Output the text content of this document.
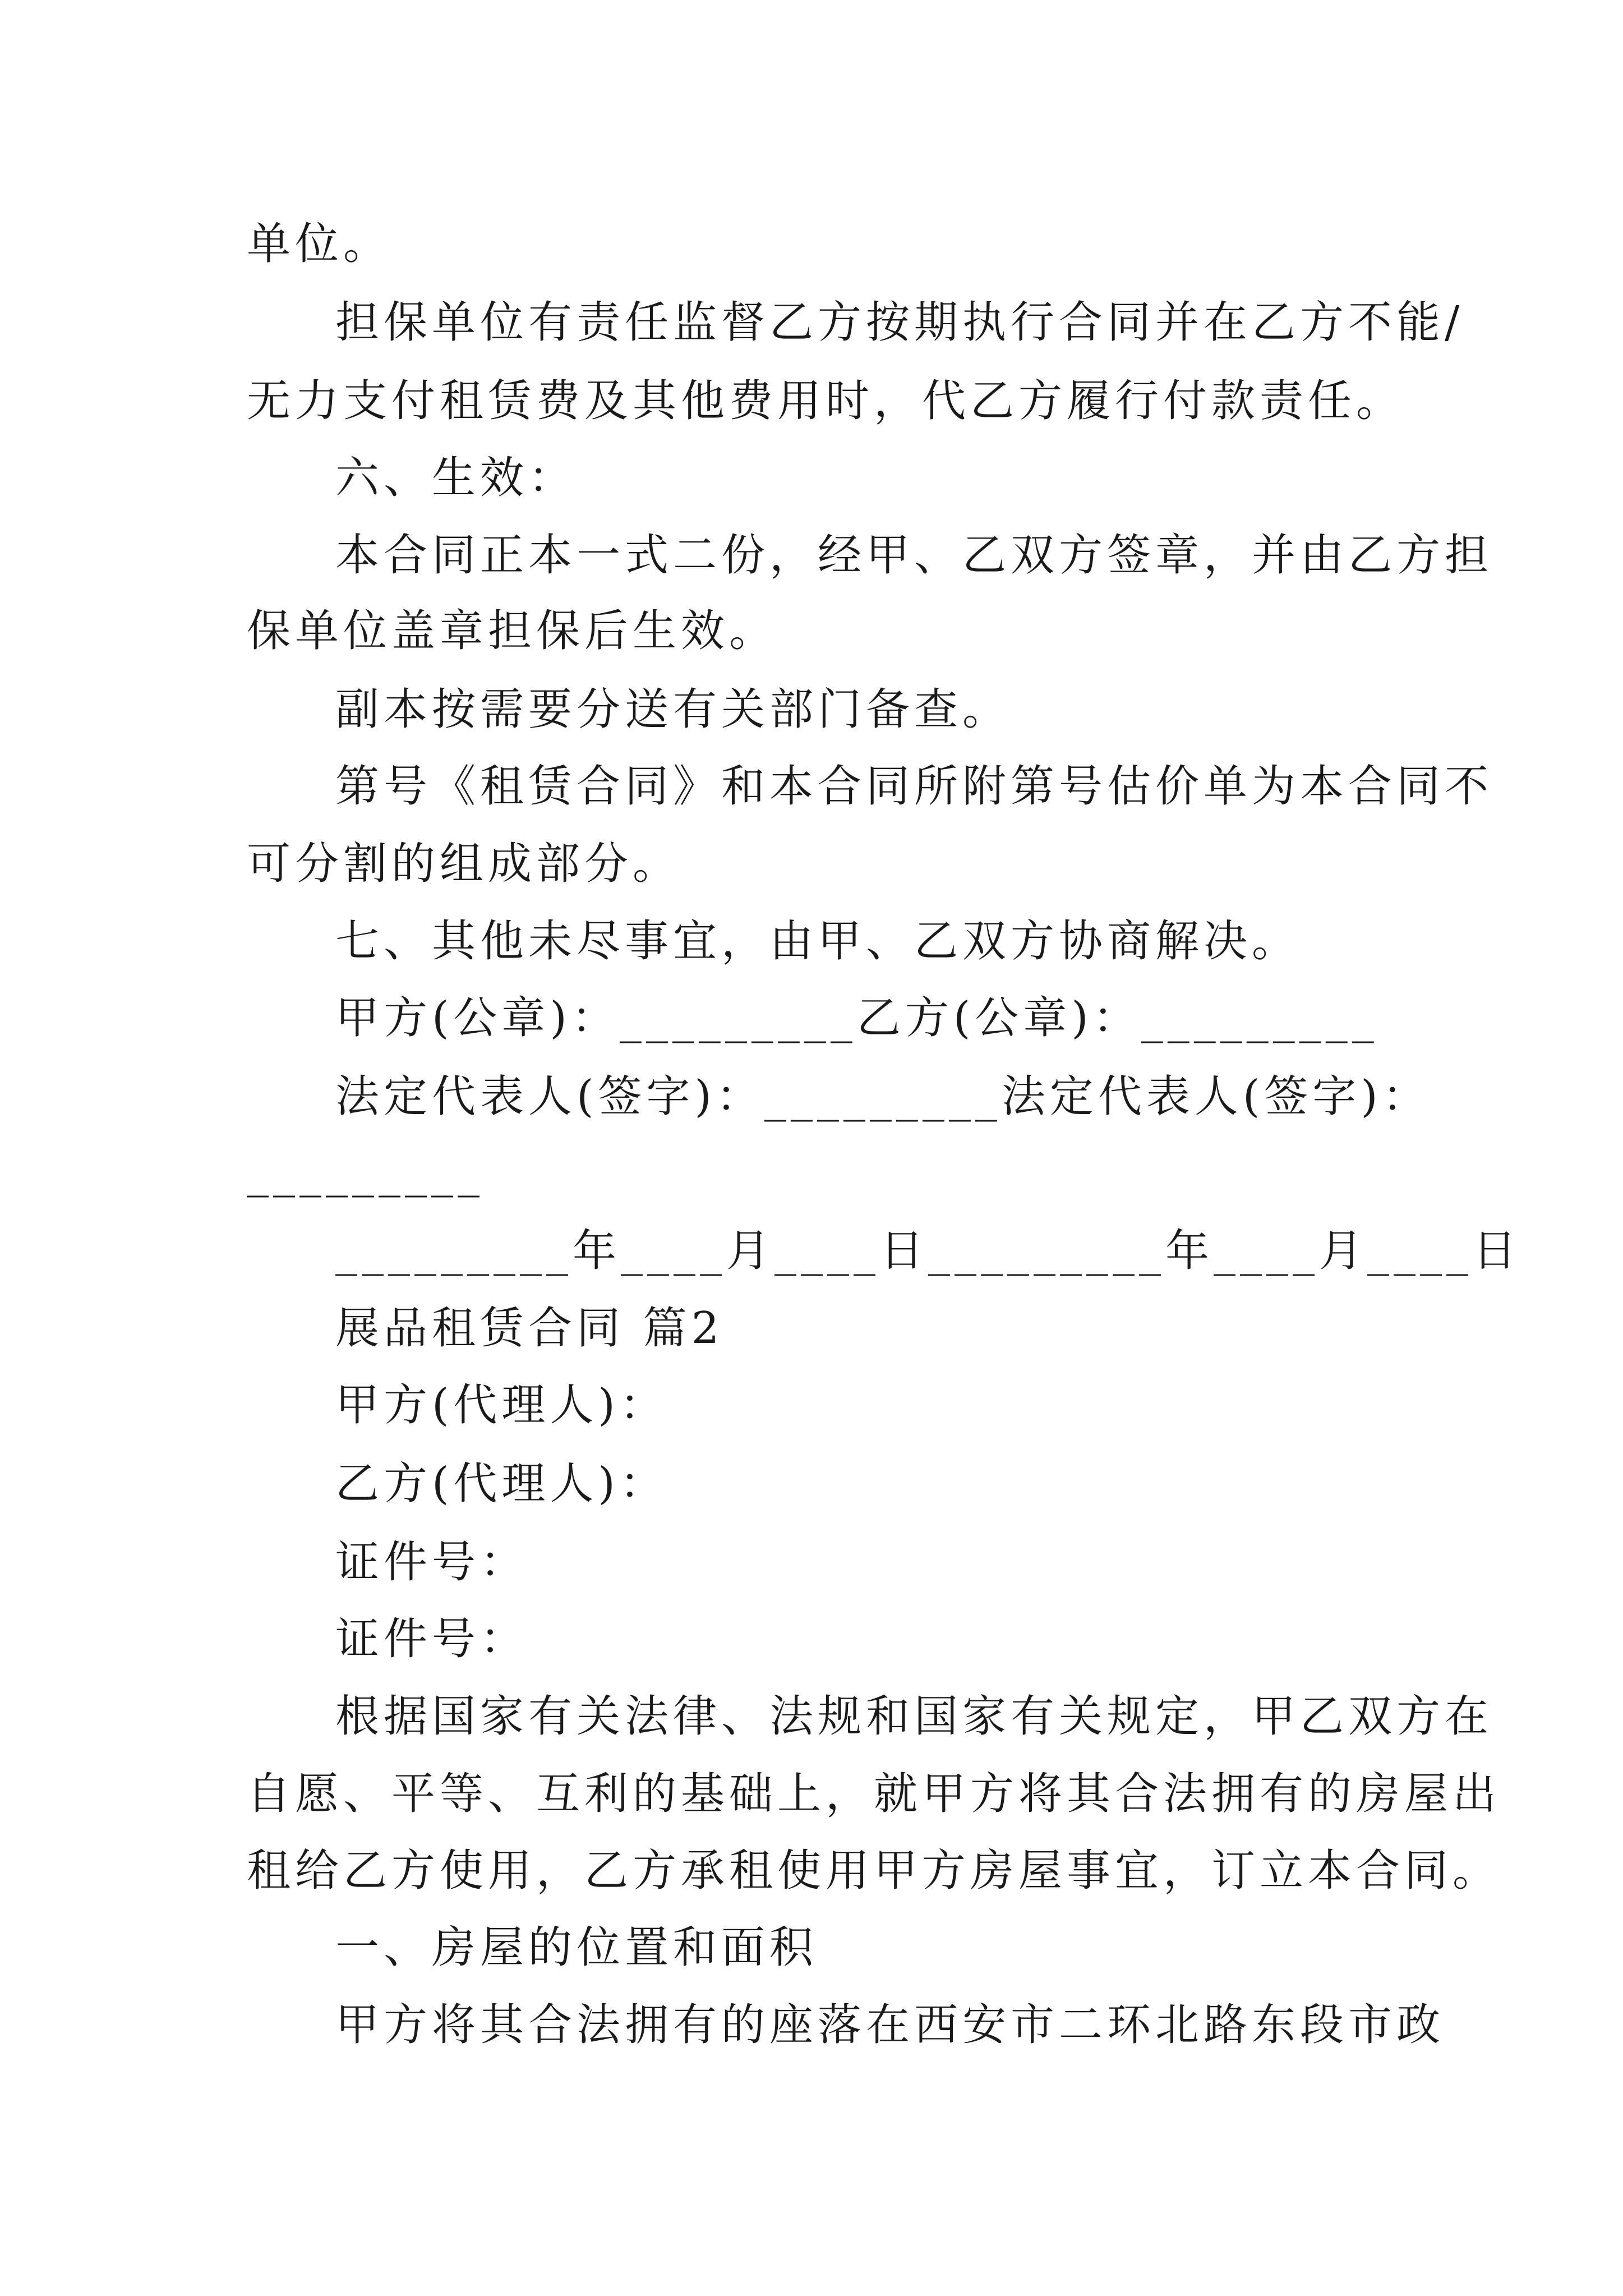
单位。
担保单位有责任监督乙方按期执行合同并在乙方不能/
无力支付租赁费及其他费用时，代乙方履行付款责任。
六、生效：
本合同正本一式二份，经甲、乙双方签章，并由乙方担
保单位盖章担保后生效。
副本按需要分送有关部门备查。
第号《租赁合同》和本合同所附第号估价单为本合同不
可分割的组成部分。
七、其他未尽事宜，由甲、乙双方协商解决。
甲方(公章)：_________乙方(公章)：_________
法定代表人(签字)：_________法定代表人(签字)：
_________
_________年____月____日_________年____月____日
展品租赁合同 篇2
甲方(代理人)：
乙方(代理人)：
证件号：
证件号：
根据国家有关法律、法规和国家有关规定，甲乙双方在
自愿、平等、互利的基础上，就甲方将其合法拥有的房屋出
租给乙方使用，乙方承租使用甲方房屋事宜，订立本合同。
一、房屋的位置和面积
甲方将其合法拥有的座落在西安市二环北路东段市政
